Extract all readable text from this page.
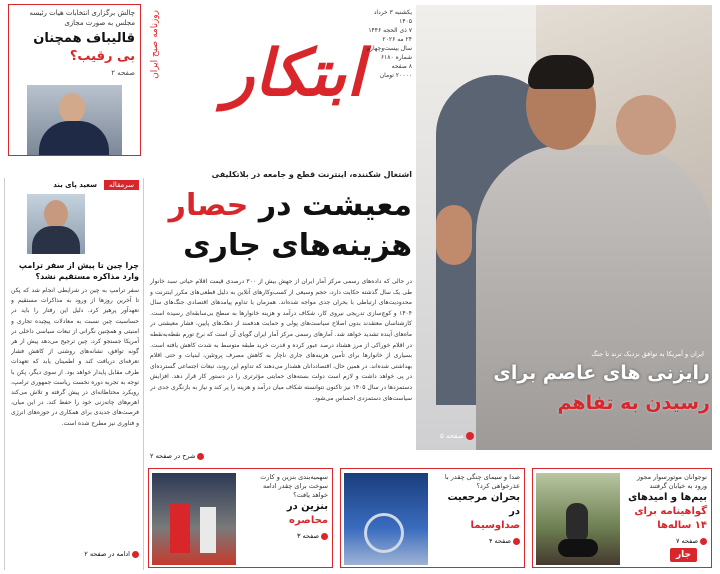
چالش برگزاری انتخابات هیات رئیسه مجلس به صورت مجازی
قالیباف همچنان
بی رقیب؟
صفحه ۲ ابتکار
روزنامه صبح ایران	یکشنبه ۳ خرداد ۱۴۰۵
۷ ذی الحجه ۱۴۴۶
۲۴ مه ۲۰۲۶
سال بیست‌وچهارم
شماره ۶۱۸۰
۸ صفحه
۲۰۰۰۰ تومان
ایران و آمریکا به توافق نزدیک ترند تا جنگ
رایزنی های عاصم برای
رسیدن به تفاهم
صفحه ۵
سرمقاله
سعید پای بند
چرا چین تا پیش از سفر ترامپ وارد مذاکره مستقیم نشد؟
سفر ترامپ به چین در شرایطی انجام شد که پکن تا آخرین روزها از ورود به مذاکرات مستقیم و تعهدآور پرهیز کرد. دلیل این رفتار را باید در حساسیت چین نسبت به معادلات پیچیده تجاری و امنیتی و همچنین نگرانی از تبعات سیاسی داخلی در آمریکا جستجو کرد. چین ترجیح می‌دهد پیش از هر گونه توافق، نشانه‌های روشنی از کاهش فشار تعرفه‌ای دریافت کند و اطمینان یابد که تعهدات طرف مقابل پایدار خواهد بود. از سوی دیگر، پکن با توجه به تجربه دوره نخست ریاست جمهوری ترامپ، رویکرد محتاطانه‌ای در پیش گرفته و تلاش می‌کند اهرم‌های چانه‌زنی خود را حفظ کند. در این میان، فرصت‌های جدیدی برای همکاری در حوزه‌های انرژی و فناوری نیز مطرح شده است.
ادامه در صفحه ۲
اشتغال شکننده، اینترنت قطع و جامعه در بلاتکلیفی
معیشت در حصار
هزینه‌های جاری
در حالی که داده‌های رسمی مرکز آمار ایران از جهش بیش از ۳۰۰ درصدی قیمت اقلام حیاتی سبد خانوار طی یک سال گذشته حکایت دارد، حجم وسیعی از کسب‌وکارهای آنلاین به دلیل قطعی‌های مکرر اینترنت و محدودیت‌های ارتباطی با بحران جدی مواجه شده‌اند. همزمان با تداوم پیامدهای اقتصادی جنگ‌های سال ۱۴۰۴ و کوچ‌سازی تدریجی نیروی کار، شکاف درآمد و هزینه خانوارها به سطح بی‌سابقه‌ای رسیده است. کارشناسان معتقدند بدون اصلاح سیاست‌های پولی و حمایت هدفمند از دهک‌های پایین، فشار معیشتی در ماه‌های آینده تشدید خواهد شد. آمارهای رسمی مرکز آمار ایران گویای آن است که نرخ تورم نقطه‌به‌نقطه در اقلام خوراکی از مرز هشتاد درصد عبور کرده و قدرت خرید طبقه متوسط به شدت کاهش یافته است. بسیاری از خانوارها برای تأمین هزینه‌های جاری ناچار به کاهش مصرف پروتئین، لبنیات و حتی اقلام بهداشتی شده‌اند. در همین حال، اقتصاددانان هشدار می‌دهند که تداوم این روند، تبعات اجتماعی گسترده‌ای در پی خواهد داشت و لازم است دولت بسته‌های حمایتی مؤثرتری را در دستور کار قرار دهد. افزایش دستمزدها در سال ۱۴۰۵ نیز تاکنون نتوانسته شکاف میان درآمد و هزینه را پر کند و نیاز به بازنگری جدی در سیاست‌های دستمزدی احساس می‌شود.
شرح در صفحه ۲
سهمیه‌بندی بنزین و کارت سوخت برای چقدر ادامه خواهد یافت؟
بنزین در
محاصره
صفحه ۳
صدا و سیمای چنگی چقدر با عذرخواهی کرد؟
بحران مرجعیت در
صداوسیما
صفحه ۴
نوجوانان موتورسوار مجوز ورود به خیابان گرفتند
بیم‌ها و امیدهای
گواهینامه برای ۱۴ ساله‌ها
صفحه ۷
جار
